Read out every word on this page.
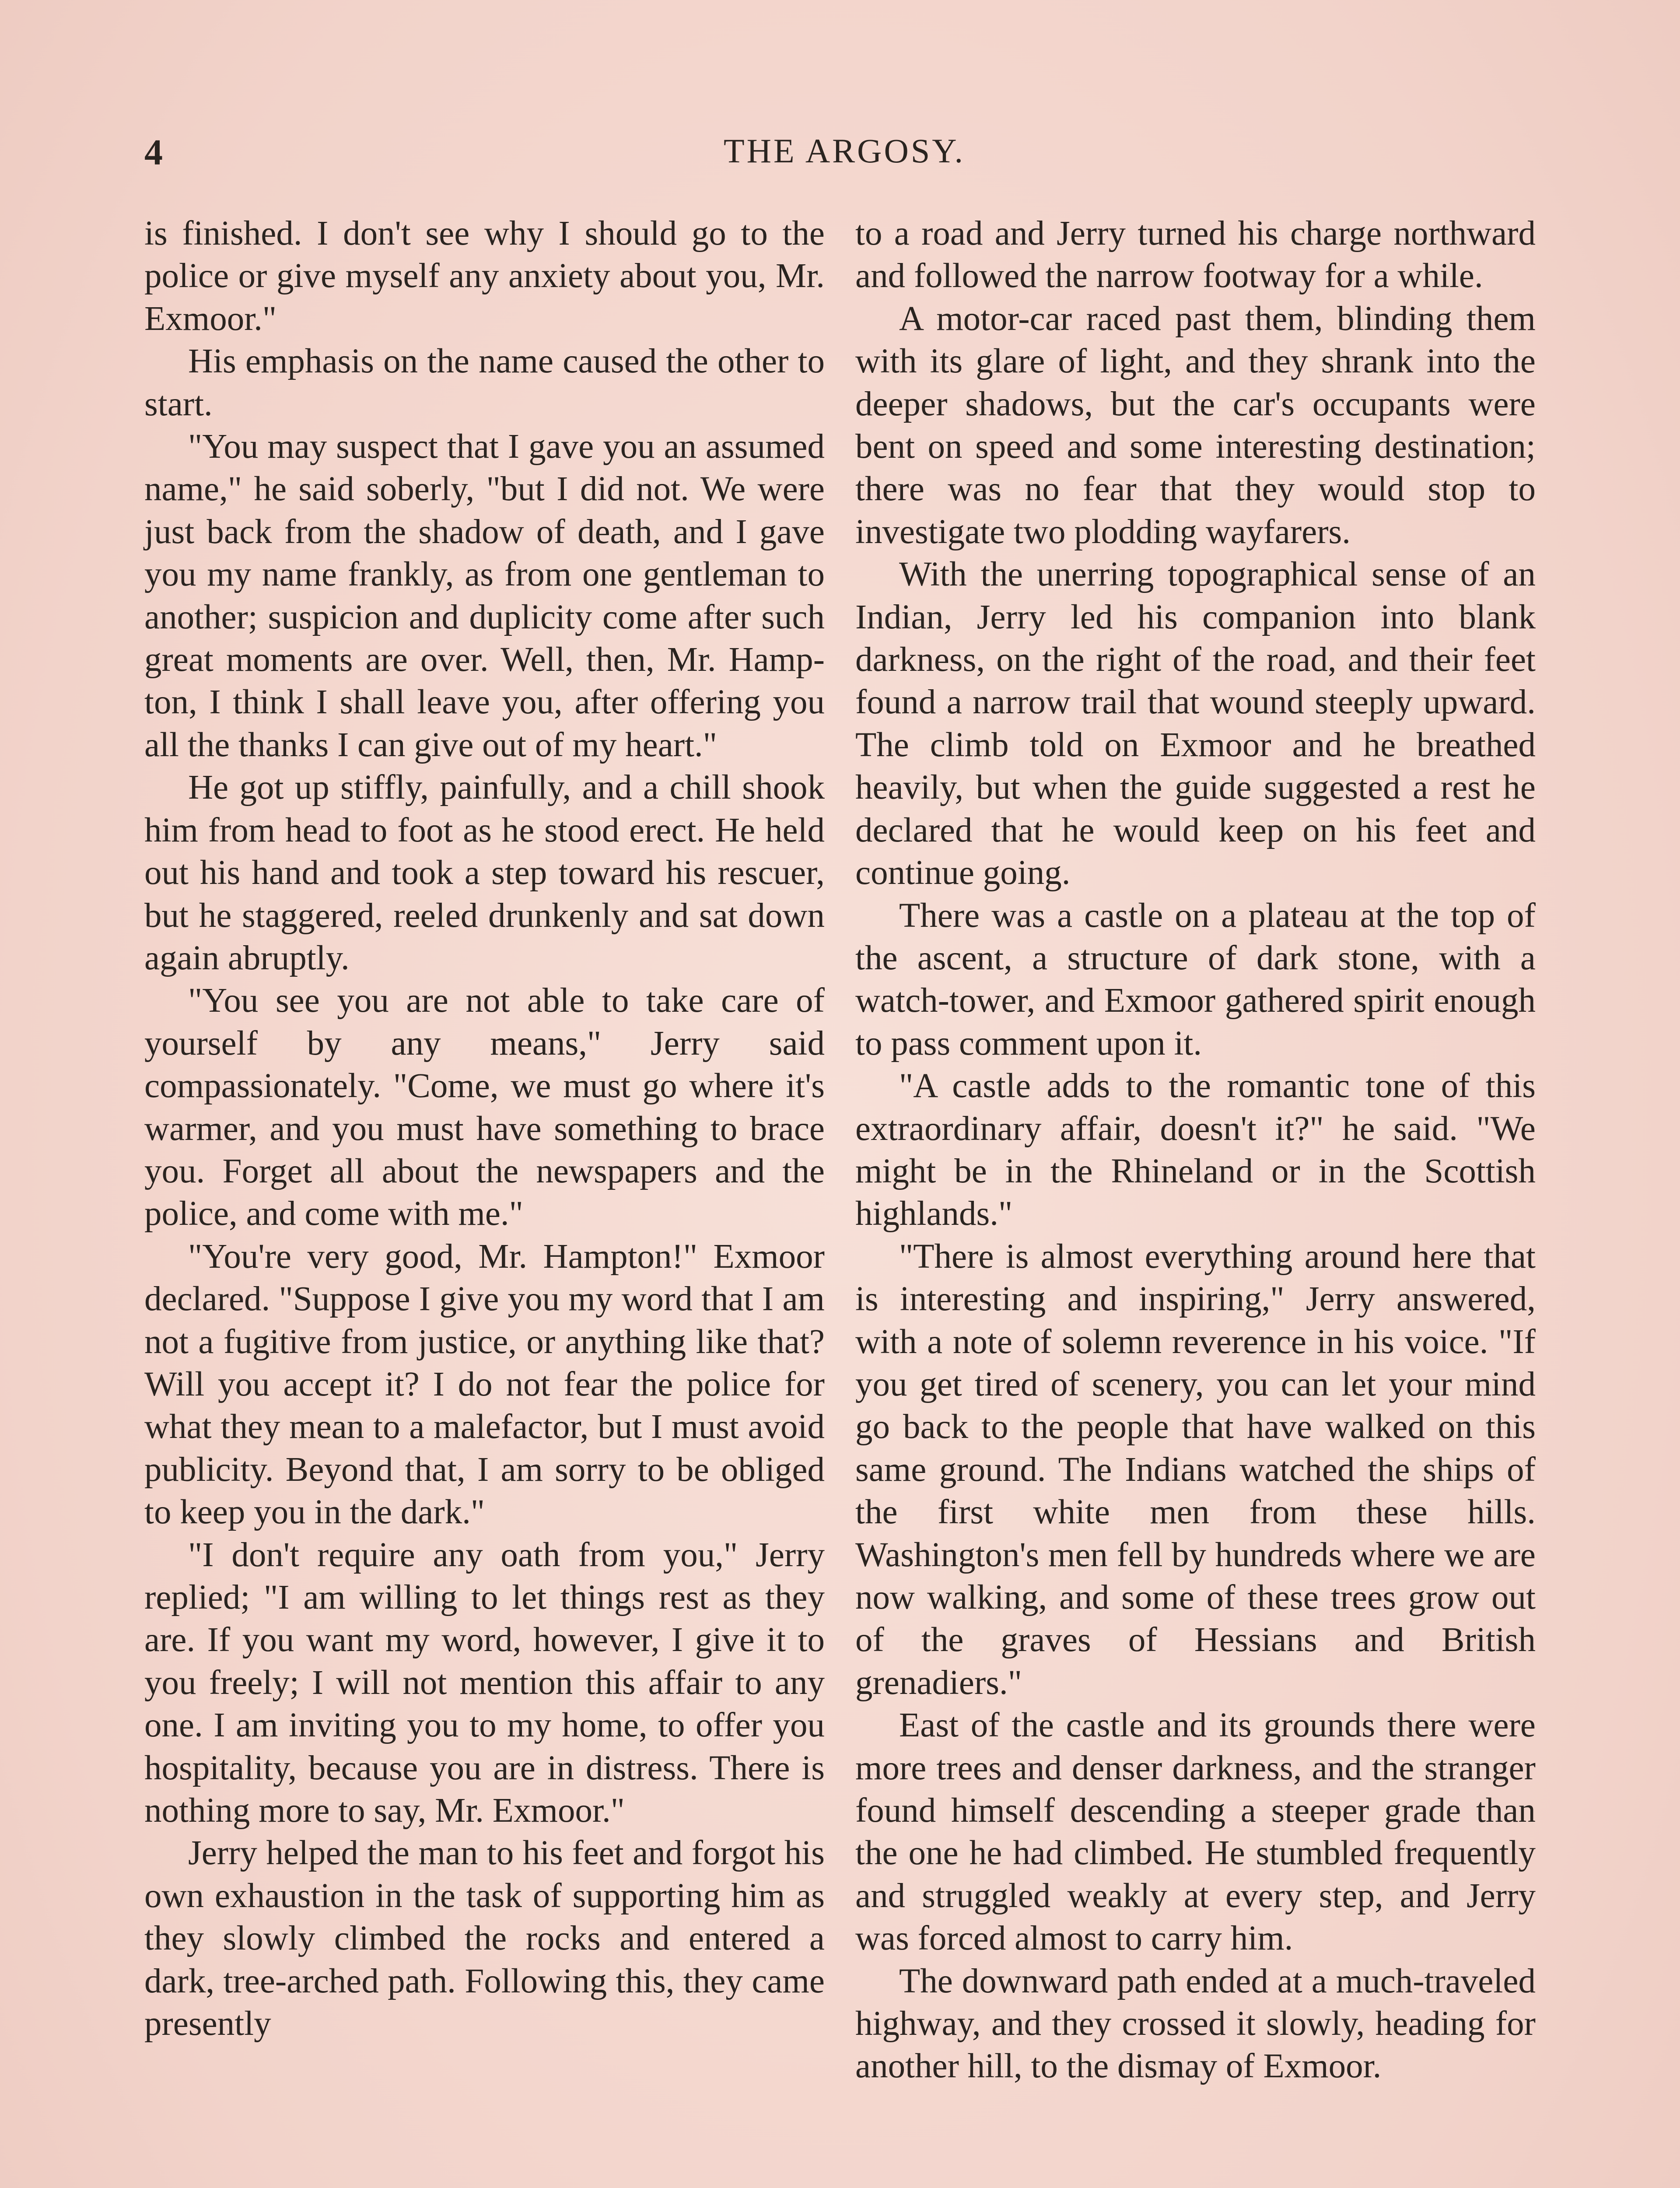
4	THE ARGOSY.

is finished. I don't see why I should go to the police or give myself any anxiety about you, Mr. Exmoor."

His emphasis on the name caused the other to start.

"You may suspect that I gave you an assumed name," he said soberly, "but I did not. We were just back from the shadow of death, and I gave you my name frankly, as from one gentleman to another; suspicion and duplicity come after such great moments are over. Well, then, Mr. Hampton, I think I shall leave you, after offering you all the thanks I can give out of my heart."

He got up stiffly, painfully, and a chill shook him from head to foot as he stood erect. He held out his hand and took a step toward his rescuer, but he staggered, reeled drunkenly and sat down again abruptly.

"You see you are not able to take care of yourself by any means," Jerry said compassionately. "Come, we must go where it's warmer, and you must have something to brace you. Forget all about the newspapers and the police, and come with me."

"You're very good, Mr. Hampton!" Exmoor declared. "Suppose I give you my word that I am not a fugitive from justice, or anything like that? Will you accept it? I do not fear the police for what they mean to a malefactor, but I must avoid publicity. Beyond that, I am sorry to be obliged to keep you in the dark."

"I don't require any oath from you," Jerry replied; "I am willing to let things rest as they are. If you want my word, however, I give it to you freely; I will not mention this affair to any one. I am inviting you to my home, to offer you hospitality, because you are in distress. There is nothing more to say, Mr. Exmoor."

Jerry helped the man to his feet and forgot his own exhaustion in the task of supporting him as they slowly climbed the rocks and entered a dark, tree-arched path. Following this, they came presently

to a road and Jerry turned his charge northward and followed the narrow footway for a while.

A motor-car raced past them, blinding them with its glare of light, and they shrank into the deeper shadows, but the car's occupants were bent on speed and some interesting destination; there was no fear that they would stop to investigate two plodding wayfarers.

With the unerring topographical sense of an Indian, Jerry led his companion into blank darkness, on the right of the road, and their feet found a narrow trail that wound steeply upward. The climb told on Exmoor and he breathed heavily, but when the guide suggested a rest he declared that he would keep on his feet and continue going.

There was a castle on a plateau at the top of the ascent, a structure of dark stone, with a watch-tower, and Exmoor gathered spirit enough to pass comment upon it.

"A castle adds to the romantic tone of this extraordinary affair, doesn't it?" he said. "We might be in the Rhineland or in the Scottish highlands."

"There is almost everything around here that is interesting and inspiring," Jerry answered, with a note of solemn reverence in his voice. "If you get tired of scenery, you can let your mind go back to the people that have walked on this same ground. The Indians watched the ships of the first white men from these hills. Washington's men fell by hundreds where we are now walking, and some of these trees grow out of the graves of Hessians and British grenadiers."

East of the castle and its grounds there were more trees and denser darkness, and the stranger found himself descending a steeper grade than the one he had climbed. He stumbled frequently and struggled weakly at every step, and Jerry was forced almost to carry him.

The downward path ended at a much-traveled highway, and they crossed it slowly, heading for another hill, to the dismay of Exmoor.
